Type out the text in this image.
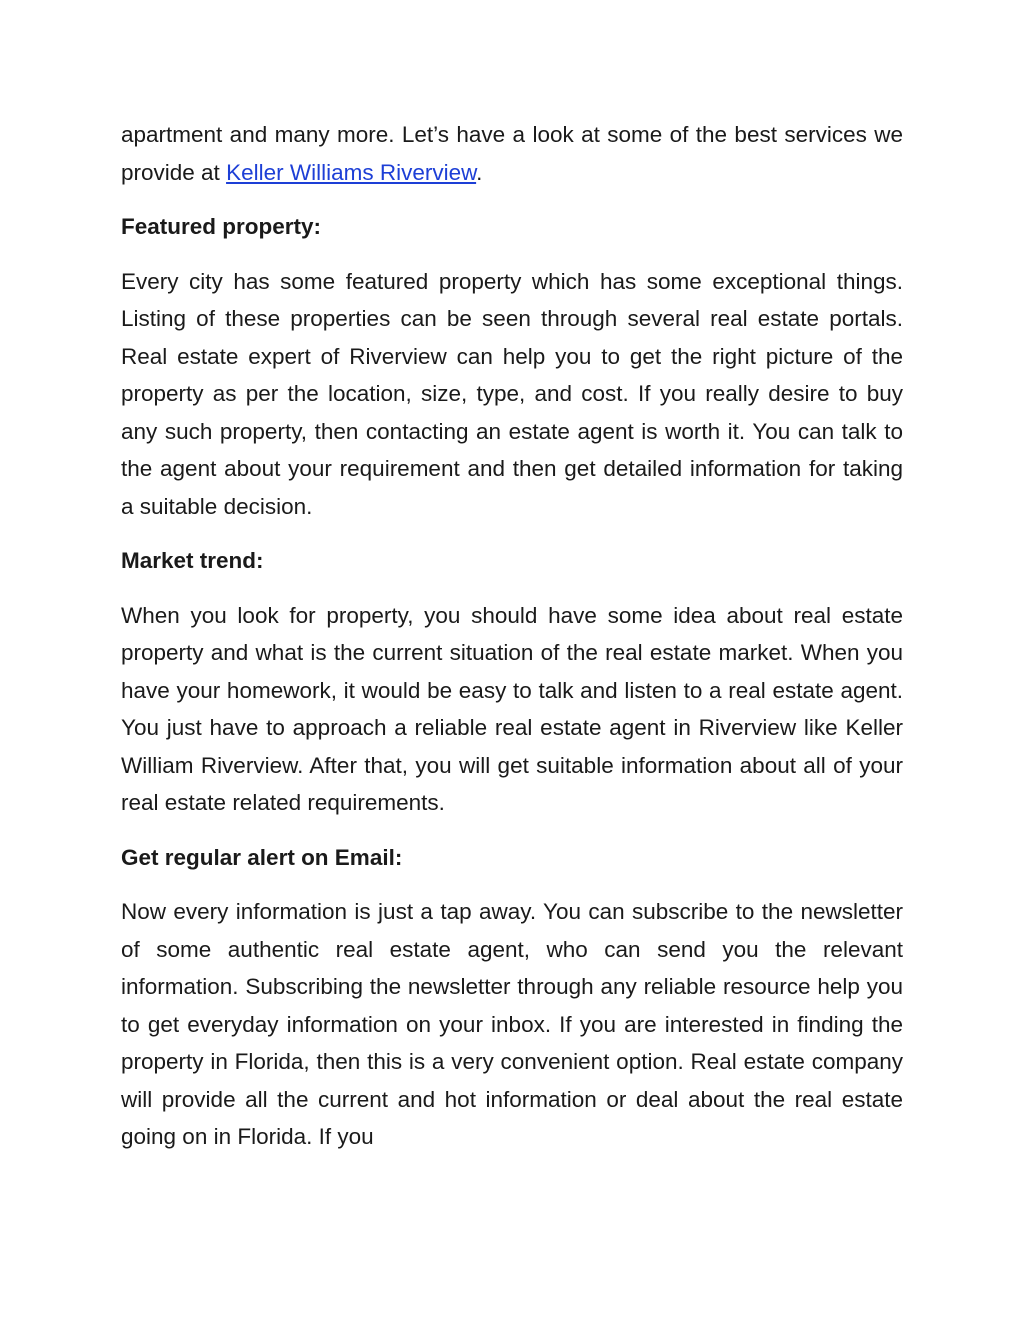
apartment and many more. Let’s have a look at some of the best services we provide at Keller Williams Riverview.

Featured property:

Every city has some featured property which has some exceptional things. Listing of these properties can be seen through several real estate portals. Real estate expert of Riverview can help you to get the right picture of the property as per the location, size, type, and cost. If you really desire to buy any such property, then contacting an estate agent is worth it. You can talk to the agent about your requirement and then get detailed information for taking a suitable decision.

Market trend:

When you look for property, you should have some idea about real estate property and what is the current situation of the real estate market. When you have your homework, it would be easy to talk and listen to a real estate agent. You just have to approach a reliable real estate agent in Riverview like Keller William Riverview. After that, you will get suitable information about all of your real estate related requirements.

Get regular alert on Email:

Now every information is just a tap away. You can subscribe to the newsletter of some authentic real estate agent, who can send you the relevant information. Subscribing the newsletter through any reliable resource help you to get everyday information on your inbox. If you are interested in finding the property in Florida, then this is a very convenient option. Real estate company will provide all the current and hot information or deal about the real estate going on in Florida. If you
